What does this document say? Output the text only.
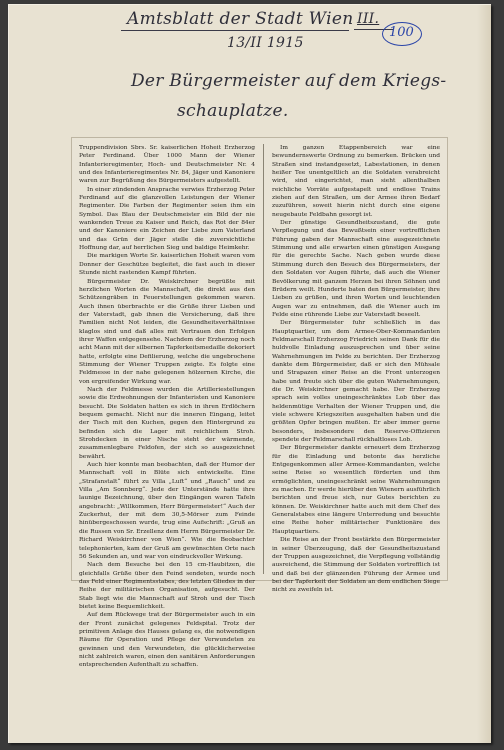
Amtsblatt der Stadt Wien III.
100
13/II 1915
Der Bürgermeister auf dem Kriegs-
schauplatze.

Truppendivision Sbrs. Sr. kaiserlichen Hoheit Erzherzog Peter Ferdinand. Über 1000 Mann der Wiener Infanterieregimenter, Hoch- und Deutschmeister Nr. 4 und des Infanterieregimentes Nr. 84, Jäger und Kanoniere waren zur Begrüßung des Bürgermeisters aufgestellt.

In einer zündenden Ansprache verwies Erzherzog Peter Ferdinand auf die glanzvollen Leistungen der Wiener Regimenter. Die Farben der Regimenter seien ihm ein Symbol. Das Blau der Deutschmeister ein Bild der nie wankenden Treue zu Kaiser und Reich, das Rot der 84er und der Kanoniere ein Zeichen der Liebe zum Vaterland und das Grün der Jäger stelle die zuversichtliche Hoffnung dar, auf herrlichen Sieg und baldige Heimkehr.

Die markigen Worte Sr. kaiserlichen Hoheit waren vom Donner der Geschütze begleitet, die fast auch in dieser Stunde nicht rastenden Kampf führten.

Bürgermeister Dr. Weiskirchner begrüßte mit herzlichen Worten die Mannschaft, die direkt aus den Schützengräben in Feuerstellungen gekommen waren. Auch ihnen überbrachte er die Grüße ihrer Lieben und der Vaterstadt, gab ihnen die Versicherung, daß ihre Familien nicht Not leiden, die Gesundheitsverhältnisse klaglos sind und daß alles mit Vertrauen den Erfolgen ihrer Waffen entgegensehe. Nachdem der Erzherzog noch acht Mann mit der silbernen Tapferkeitsmedaille dekoriert hatte, erfolgte eine Defilierung, welche die ungebrochene Stimmung der Wiener Truppen zeigte. Es folgte eine Feldmesse in der nahe gelegenen hölzernen Kirche, die von ergreifender Wirkung war.

Nach der Feldmesse wurden die Artilleriestellungen sowie die Erdwohnungen der Infanteristen und Kanoniere besucht. Die Soldaten hatten es sich in ihren Erdlöchern bequem gemacht. Nicht nur die inneren Eingang, leitet der Tisch mit den Kuchen, gegen den Hintergrund zu befinden sich die Lager mit reichlichem Stroh. Strohdecken in einer Nische steht der wärmende, zusammenlegbare Feldofen, der sich so ausgezeichnet bewährt.

Auch hier konnte man beobachten, daß der Humor der Mannschaft voll in Blüte sich entwickelte. Eine „Strafanstalt“ führt zu Villa „Luft“ und „Rauch“ und zu Villa „Am Sonnberg“. Jede der Unterstände hatte ihre launige Bezeichnung, über den Eingängen waren Tafeln angebracht: „Willkommen, Herr Bürgermeister!“ Auch der Zuckerhut, der mit dem 30,5-Mörser zum Feinde hinübergeschossen wurde, trug eine Aufschrift: „Gruß an die Russen von Sr. Erzellenz dem Herrn Bürgermeister Dr. Richard Weiskirchner von Wien“. Wie die Beobachter telephonierten, kam der Gruß am gewünschten Orte nach 56 Sekunden an, und war von eindruckvoller Wirkung.

Nach dem Besuche bei den 15 cm-Haubitzen, die gleichfalls Grüße über den Feind sendeten, wurde noch das Feld einer Regimentsstabes, des letzten Gliedes in der Reihe der militärischen Organisation, aufgesucht. Der Stab liegt wie die Mannschaft auf Stroh und der Tisch bietet keine Bequemlichkeit.

Auf dem Rückwege trat der Bürgermeister auch in ein der Front zunächst gelegenes Feldspital. Trotz der primitiven Anlage des Hauses gelang es, die notwendigen Räume für Operation und Pflege der Verwundeten zu gewinnen und den Verwundeten, die glücklicherweise nicht zahlreich waren, einen den sanitären Anforderungen entsprechenden Aufenthalt zu schaffen.

Im ganzen Etappenbereich war eine bewundernswerte Ordnung zu bemerken. Brücken und Straßen sind instandgesetzt, Labestationen, in denen heißer Tee unentgeltlich an die Soldaten verabreicht wird, sind eingerichtet, man sieht allenthalben reichliche Vorräte aufgestapelt und endlose Trains ziehen auf den Straßen, um der Armee ihren Bedarf zuzuführen, soweit hierin nicht durch eine eigene neugebaute Feldbahn gesorgt ist.

Der günstige Gesundheitszustand, die gute Verpflegung und das Bewußtsein einer vortrefflichen Führung gaben der Mannschaft eine ausgezeichnete Stimmung und alle erwarten einen günstigen Ausgang für die gerechte Sache. Nach geben wurde diese Stimmung durch den Besuch des Bürgermeisters, der den Soldaten vor Augen führte, daß auch die Wiener Bevölkerung mit ganzem Herzen bei ihren Söhnen und Brüdern weilt. Hunderte baten den Bürgermeister, ihre Lieben zu grüßen, und ihren Worten und leuchtenden Augen war zu entnehmen, daß die Wiener auch im Felde eine rührende Liebe zur Vaterstadt beseelt.

Der Bürgermeister fuhr schließlich in das Hauptquartier, um dem Armee-Ober-Kommandanten Feldmarschall Erzherzog Friedrich seinen Dank für die huldvolle Einladung auszusprechen und über seine Wahrnehmungen im Felde zu berichten. Der Erzherzog dankte dem Bürgermeister, daß er sich den Mühsale und Strapazen einer Reise an die Front unterzogen habe und freute sich über die guten Wahrnehmungen, die Dr. Weiskirchner gemacht habe. Der Erzherzog sprach sein volles uneingeschränktes Lob über das heldenmütige Verhalten der Wiener Truppen und, die viele schwere Kriegszeiten ausgehalten haben und die größten Opfer bringen mußten. Er aber immer gerne besonders, insbesondere den Reserve-Offizieren spendete der Feldmarschall rückhaltloses Lob.

Der Bürgermeister dankte erneuert dem Erzherzog für die Einladung und betonte das herzliche Entgegenkommen aller Armee-Kommandanten, welche seine Reise so wesentlich förderten und ihm ermöglichten, uneingeschränkt seine Wahrnehmungen zu machen. Er werde hierüber den Wienern ausführlich berichten und freue sich, nur Gutes berichten zu können. Dr. Weiskirchner hatte auch mit dem Chef des Generalstabes eine längere Unterredung und besuchte eine Reihe hoher militärischer Funktionäre des Hauptquartiers.

Die Reise an der Front bestärkte den Bürgermeister in seiner Überzeugung, daß der Gesundheitszustand der Truppen ausgezeichnet, die Verpflegung vollständig ausreichend, die Stimmung der Soldaten vortrefflich ist und daß bei der glänzenden Führung der Armee und bei der Tapferkeit der Soldaten an dem endlichen Siege nicht zu zweifeln ist.
